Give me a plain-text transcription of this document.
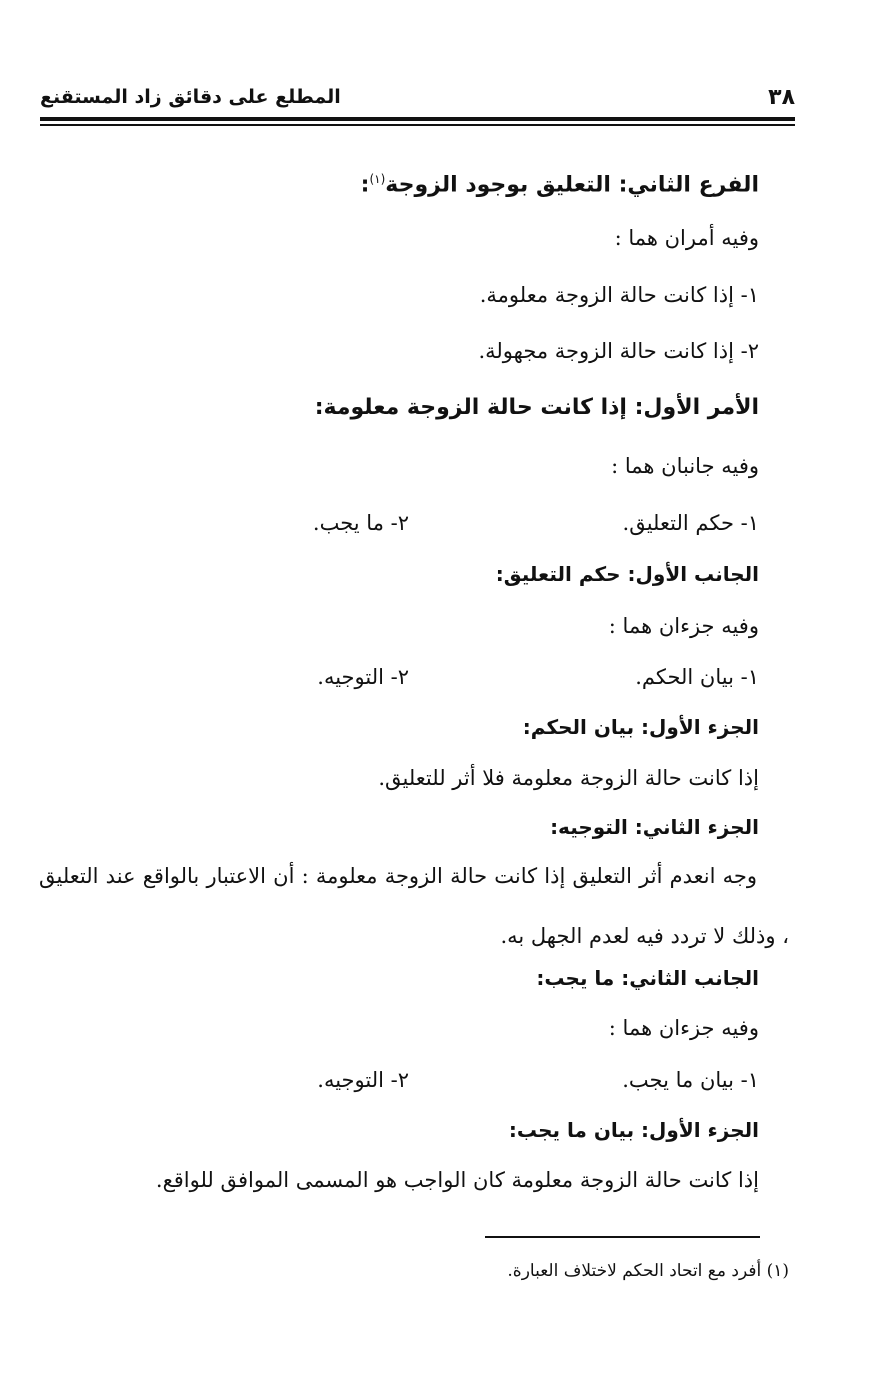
٣٨
المطلع على دقائق زاد المستقنع
الفرع الثاني: التعليق بوجود الزوجة$^{(١)}$:
وفيه أمران هما :
١- إذا كانت حالة الزوجة معلومة.
٢- إذا كانت حالة الزوجة مجهولة.
الأمر الأول: إذا كانت حالة الزوجة معلومة:
وفيه جانبان هما :
١- حكم التعليق.
٢- ما يجب.
الجانب الأول: حكم التعليق:
وفيه جزءان هما :
١- بيان الحكم.
٢- التوجيه.
الجزء الأول: بيان الحكم:
إذا كانت حالة الزوجة معلومة فلا أثر للتعليق.
الجزء الثاني: التوجيه:
وجه انعدم أثر التعليق إذا كانت حالة الزوجة معلومة : أن الاعتبار بالواقع عند التعليق ، وذلك لا تردد فيه لعدم الجهل به.
الجانب الثاني: ما يجب:
وفيه جزءان هما :
١- بيان ما يجب.
٢- التوجيه.
الجزء الأول: بيان ما يجب:
إذا كانت حالة الزوجة معلومة كان الواجب هو المسمى الموافق للواقع.
(١) أفرد مع اتحاد الحكم لاختلاف العبارة.
